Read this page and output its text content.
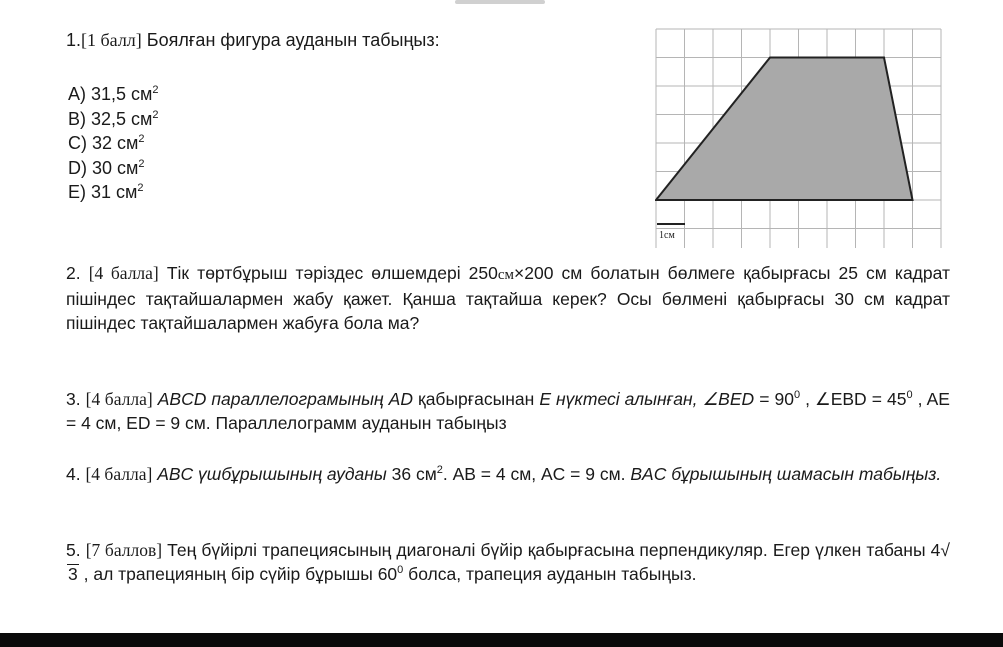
1.[1 балл] Боялған фигура ауданын табыңыз:
A) 31,5 $см^2$
B) 32,5 $см^2$
C) 32 $см^2$
D) 30 $см^2$
E) 31 $см^2$
1см
2. [4 балла] Тік төртбұрыш тәріздес өлшемдері 250см×200 см болатын бөлмеге қабырғасы 25 см кадрат пішіндес тақтайшалармен жабу қажет. Қанша тақтайша керек? Осы бөлмені қабырғасы 30 см кадрат пішіндес тақтайшалармен жабуға бола ма?
3. [4 балла] ABCD параллелограмының AD қабырғасынан E нүктесі алынған, ∠BED = $90^0$ , ∠EBD = $45^0$ , AE = 4 см, ED = 9 см. Параллелограмм ауданын табыңыз
4. [4 балла] ABC үшбұрышының ауданы 36 $см^2$. AB = 4 см, AC = 9 см. BAC бұрышының шамасын табыңыз.
5. [7 баллов] Тең бүйірлі трапециясының диагоналі бүйір қабырғасына перпендикуляр. Егер үлкен табаны 4√3 , ал трапецияның бір сүйір бұрышы $60^0$ болса, трапеция ауданын табыңыз.
